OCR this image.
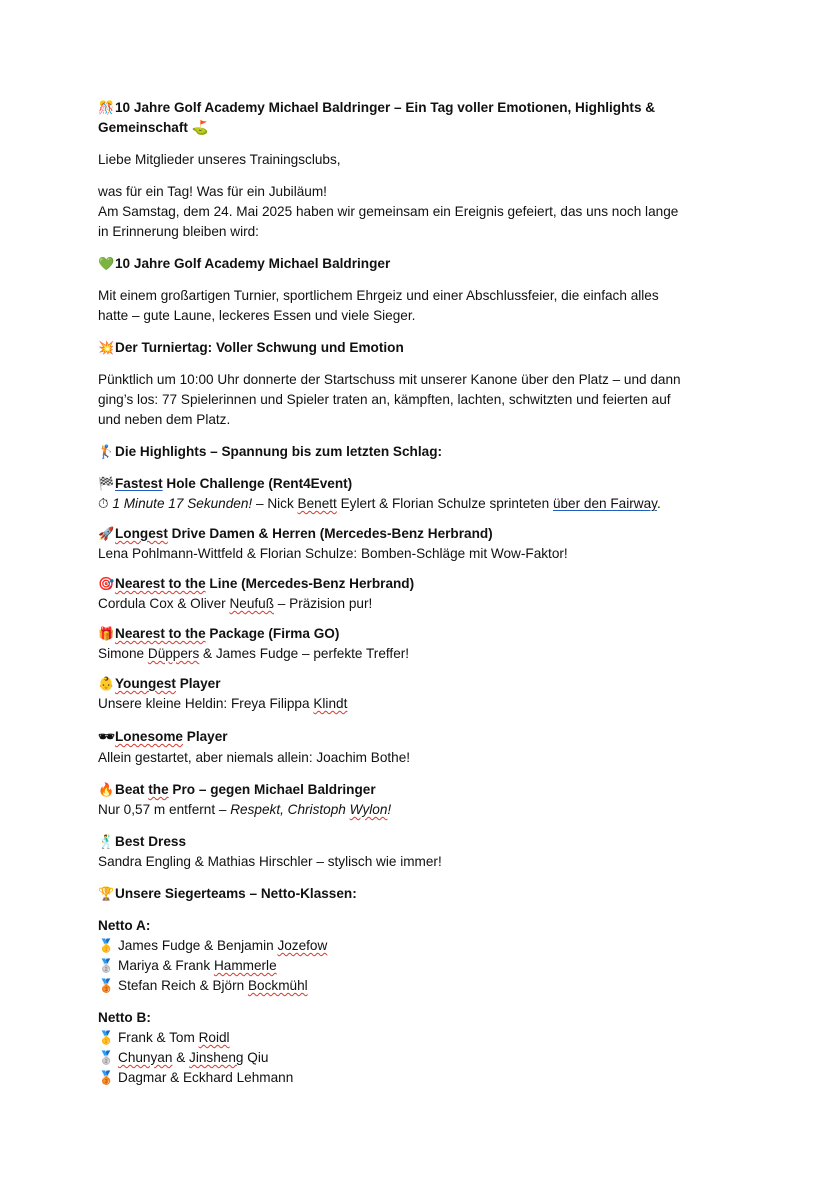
🎊10 Jahre Golf Academy Michael Baldringer – Ein Tag voller Emotionen, Highlights &
Gemeinschaft ⛳

Liebe Mitglieder unseres Trainingsclubs,

was für ein Tag! Was für ein Jubiläum!
Am Samstag, dem 24. Mai 2025 haben wir gemeinsam ein Ereignis gefeiert, das uns noch lange
in Erinnerung bleiben wird:

💚10 Jahre Golf Academy Michael Baldringer

Mit einem großartigen Turnier, sportlichem Ehrgeiz und einer Abschlussfeier, die einfach alles
hatte – gute Laune, leckeres Essen und viele Sieger.

💥Der Turniertag: Voller Schwung und Emotion

Pünktlich um 10:00 Uhr donnerte der Startschuss mit unserer Kanone über den Platz – und dann
ging’s los: 77 Spielerinnen und Spieler traten an, kämpften, lachten, schwitzten und feierten auf
und neben dem Platz.

🏌Die Highlights – Spannung bis zum letzten Schlag:

🏁Fastest Hole Challenge (Rent4Event)

⏱ 1 Minute 17 Sekunden! – Nick Benett Eylert & Florian Schulze sprinteten über den Fairway.

🚀Longest Drive Damen & Herren (Mercedes-Benz Herbrand)

Lena Pohlmann-Wittfeld & Florian Schulze: Bomben-Schläge mit Wow-Faktor!

🎯Nearest to the Line (Mercedes-Benz Herbrand)

Cordula Cox & Oliver Neufuß – Präzision pur!

🎁Nearest to the Package (Firma GO)

Simone Düppers & James Fudge – perfekte Treffer!

👶Youngest Player

Unsere kleine Heldin: Freya Filippa Klindt

🕶Lonesome Player

Allein gestartet, aber niemals allein: Joachim Bothe!

🔥Beat the Pro – gegen Michael Baldringer

Nur 0,57 m entfernt – Respekt, Christoph Wylon!

🕺Best Dress

Sandra Engling & Mathias Hirschler – stylisch wie immer!

🏆Unsere Siegerteams – Netto-Klassen:

Netto A:

🥇 James Fudge & Benjamin Jozefow

🥈 Mariya & Frank Hammerle

🥉 Stefan Reich & Björn Bockmühl

Netto B:

🥇 Frank & Tom Roidl

🥈 Chunyan & Jinsheng Qiu

🥉 Dagmar & Eckhard Lehmann
